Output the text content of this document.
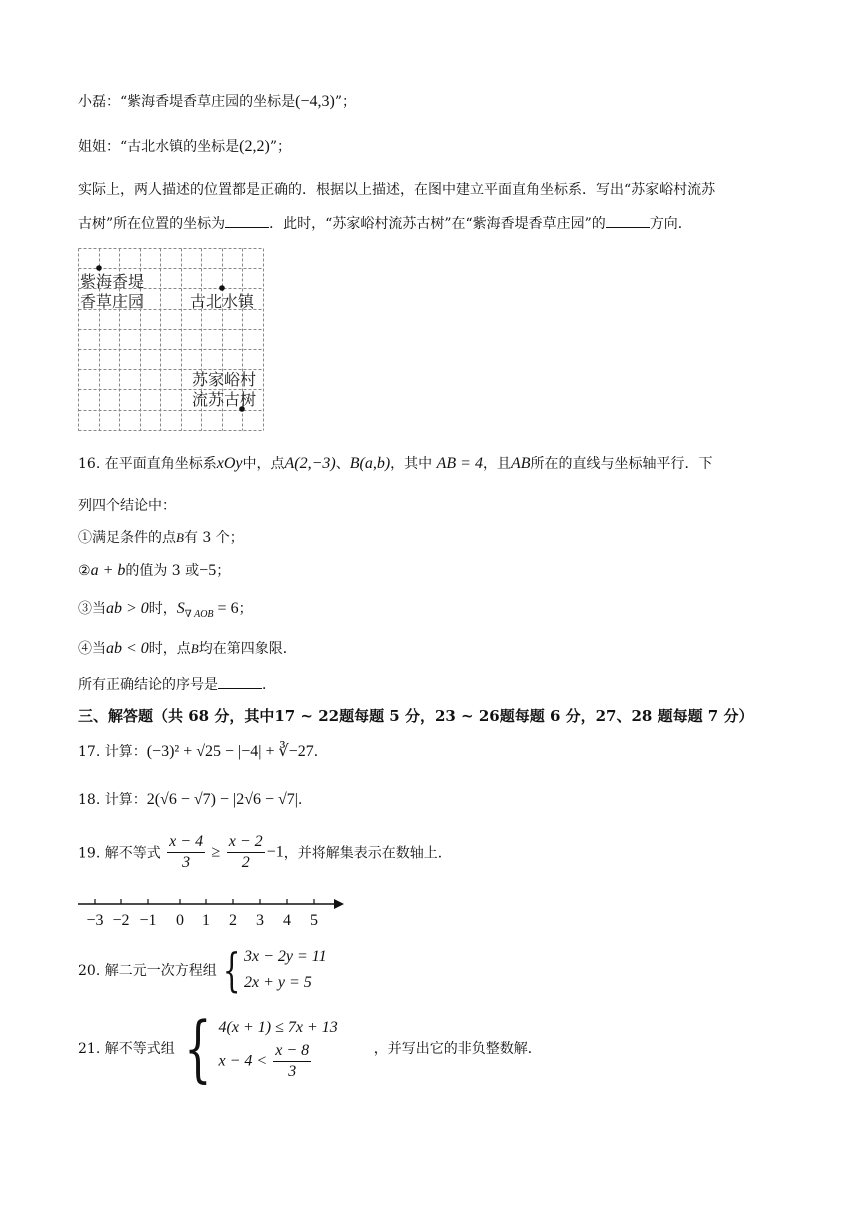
小磊：“紫海香堤香草庄园的坐标是(−4,3)”；
姐姐：“古北水镇的坐标是(2,2)”；
实际上，两人描述的位置都是正确的．根据以上描述，在图中建立平面直角坐标系．写出“苏家峪村流苏
古树”所在位置的坐标为	．此时，“苏家峪村流苏古树”在“紫海香堤香草庄园”的	方向．
紫海香堤
香草庄园	古北水镇
苏家峪村
流苏古树
16. 在平面直角坐标系xOy中，点A(2,−3)、B(a,b)，其中 AB = 4，且AB所在的直线与坐标轴平行．下
列四个结论中：
①满足条件的点B有 3 个；
②a + b的值为 3 或−5；
③当ab > 0时，$S_{\nabla AOB} = 6$；
④当ab < 0时，点B均在第四象限．
所有正确结论的序号是	．
三、解答题（共 68 分，其中17 ~ 22题每题 5 分，23 ~ 26题每题 6 分，27、28 题每题 7 分）
17. 计算：(−3)² + √25 − |−4| + ∛−27．
18. 计算：2(√6 − √7) − |2√6 − √7|．
19. 解不等式 $\frac{x - 4}{3} \ge \frac{x - 2}{2} -1$，并将解集表示在数轴上．
−3 −2 −1 0 1 2 3 4 5
20. 解二元一次方程组 { 3x − 2y = 11
2x + y = 5
21. 解不等式组 { 4(x + 1) ≤ 7x + 13
$x - 4 < \frac{x - 8}{3}$	，并写出它的非负整数解．
